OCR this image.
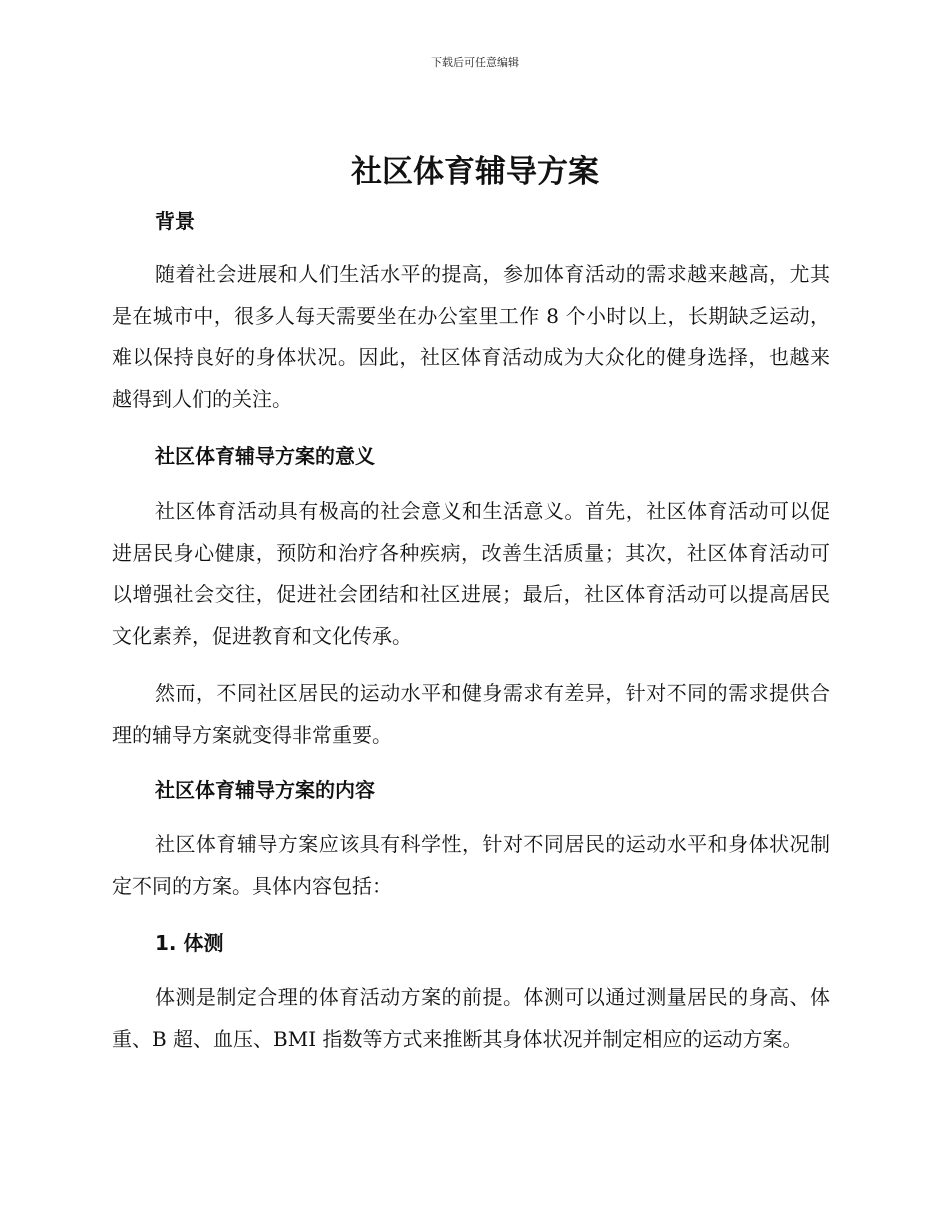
下载后可任意编辑
社区体育辅导方案
背景
随着社会进展和人们生活水平的提高，参加体育活动的需求越来越高，尤其是在城市中，很多人每天需要坐在办公室里工作 8 个小时以上，长期缺乏运动，难以保持良好的身体状况。因此，社区体育活动成为大众化的健身选择，也越来越得到人们的关注。
社区体育辅导方案的意义
社区体育活动具有极高的社会意义和生活意义。首先，社区体育活动可以促进居民身心健康，预防和治疗各种疾病，改善生活质量；其次，社区体育活动可以增强社会交往，促进社会团结和社区进展；最后，社区体育活动可以提高居民文化素养，促进教育和文化传承。
然而，不同社区居民的运动水平和健身需求有差异，针对不同的需求提供合理的辅导方案就变得非常重要。
社区体育辅导方案的内容
社区体育辅导方案应该具有科学性，针对不同居民的运动水平和身体状况制定不同的方案。具体内容包括：
1. 体测
体测是制定合理的体育活动方案的前提。体测可以通过测量居民的身高、体重、B 超、血压、BMI 指数等方式来推断其身体状况并制定相应的运动方案。
